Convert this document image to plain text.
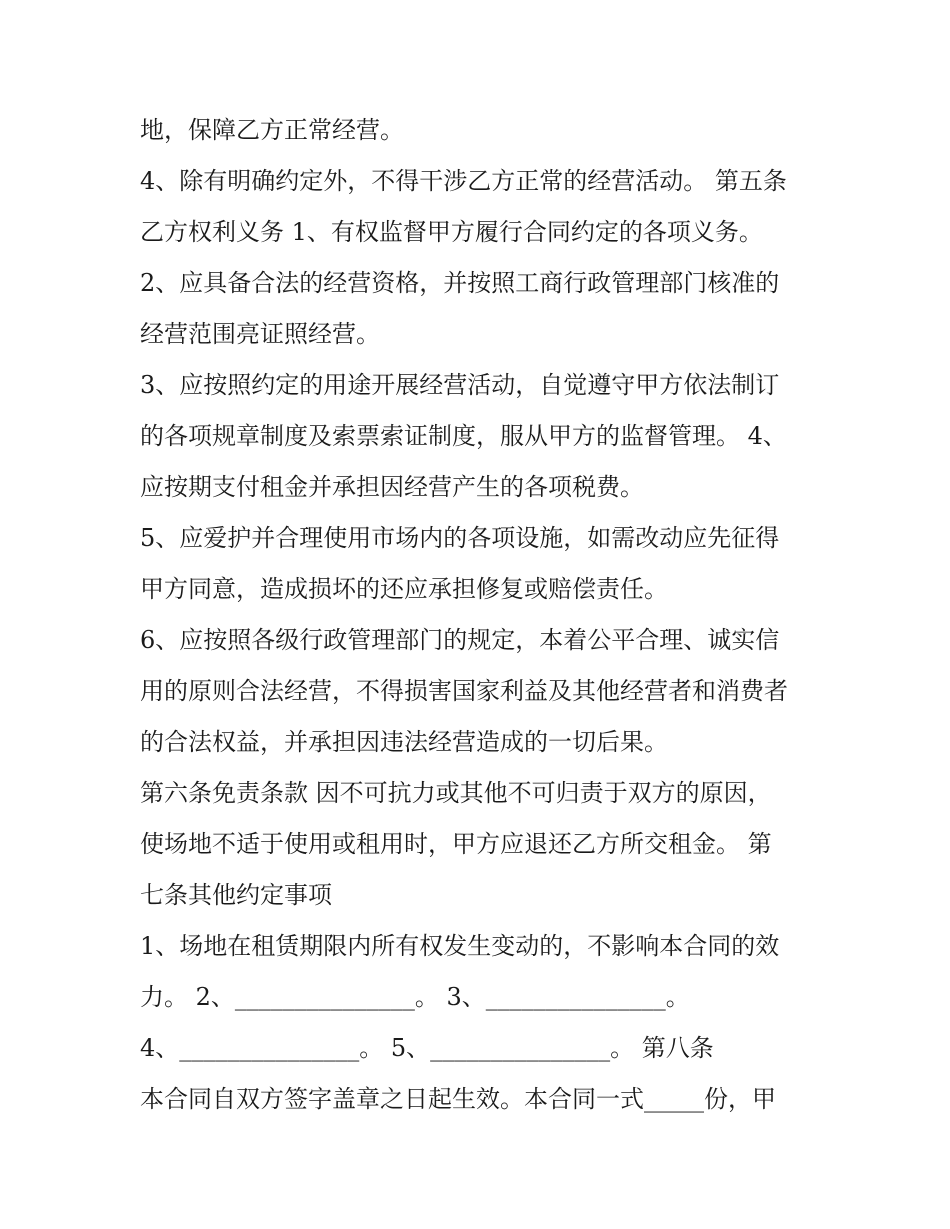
地，保障乙方正常经营。
4、除有明确约定外，不得干涉乙方正常的经营活动。 第五条
乙方权利义务 1、有权监督甲方履行合同约定的各项义务。
2、应具备合法的经营资格，并按照工商行政管理部门核准的
经营范围亮证照经营。
3、应按照约定的用途开展经营活动，自觉遵守甲方依法制订
的各项规章制度及索票索证制度，服从甲方的监督管理。 4、
应按期支付租金并承担因经营产生的各项税费。
5、应爱护并合理使用市场内的各项设施，如需改动应先征得
甲方同意，造成损坏的还应承担修复或赔偿责任。
6、应按照各级行政管理部门的规定，本着公平合理、诚实信
用的原则合法经营，不得损害国家利益及其他经营者和消费者
的合法权益，并承担因违法经营造成的一切后果。
第六条免责条款 因不可抗力或其他不可归责于双方的原因，
使场地不适于使用或租用时，甲方应退还乙方所交租金。 第
七条其他约定事项
1、场地在租赁期限内所有权发生变动的，不影响本合同的效
力。 2、_______________。 3、_______________。
4、_______________。 5、_______________。 第八条
本合同自双方签字盖章之日起生效。本合同一式_____份，甲
